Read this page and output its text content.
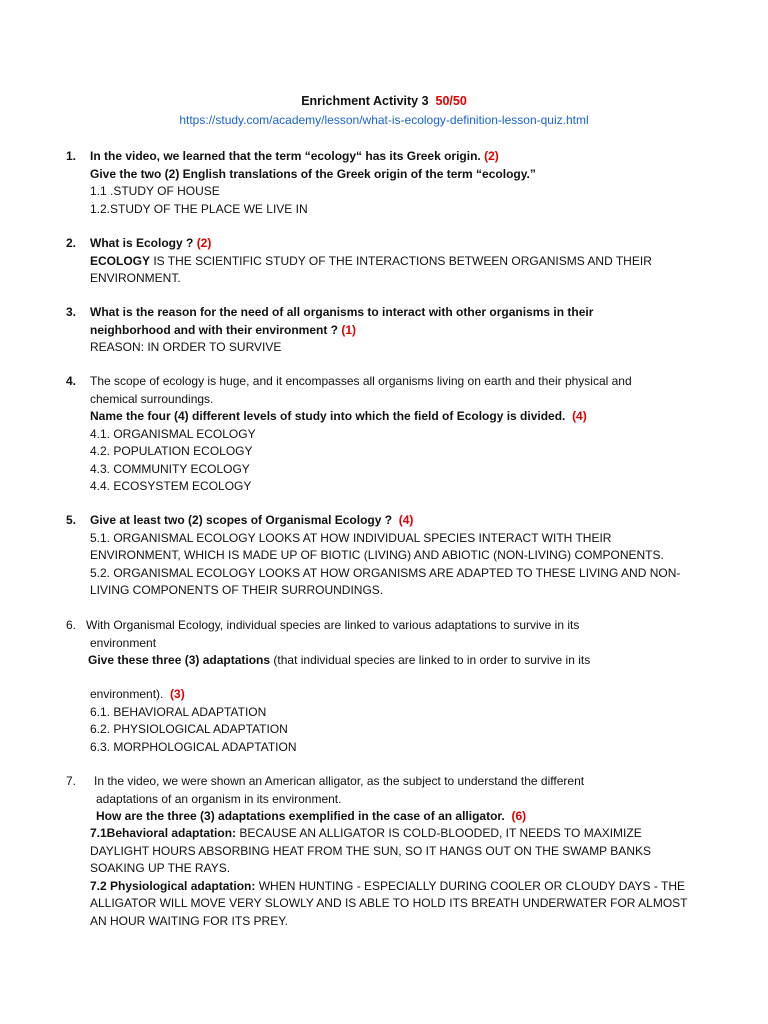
Enrichment Activity 3 50/50
https://study.com/academy/lesson/what-is-ecology-definition-lesson-quiz.html
1. In the video, we learned that the term “ecology“ has its Greek origin. (2)
Give the two (2) English translations of the Greek origin of the term “ecology.”
1.1 .STUDY OF HOUSE
1.2.STUDY OF THE PLACE WE LIVE IN
2. What is Ecology ? (2)
ECOLOGY IS THE SCIENTIFIC STUDY OF THE INTERACTIONS BETWEEN ORGANISMS AND THEIR
ENVIRONMENT.
3. What is the reason for the need of all organisms to interact with other organisms in their
neighborhood and with their environment ? (1)
REASON: IN ORDER TO SURVIVE
4. The scope of ecology is huge, and it encompasses all organisms living on earth and their physical and
chemical surroundings.
Name the four (4) different levels of study into which the field of Ecology is divided. (4)
4.1. ORGANISMAL ECOLOGY
4.2. POPULATION ECOLOGY
4.3. COMMUNITY ECOLOGY
4.4. ECOSYSTEM ECOLOGY
5. Give at least two (2) scopes of Organismal Ecology ? (4)
5.1. ORGANISMAL ECOLOGY LOOKS AT HOW INDIVIDUAL SPECIES INTERACT WITH THEIR
ENVIRONMENT, WHICH IS MADE UP OF BIOTIC (LIVING) AND ABIOTIC (NON-LIVING) COMPONENTS.
5.2. ORGANISMAL ECOLOGY LOOKS AT HOW ORGANISMS ARE ADAPTED TO THESE LIVING AND NON-
LIVING COMPONENTS OF THEIR SURROUNDINGS.
6. With Organismal Ecology, individual species are linked to various adaptations to survive in its
environment
Give these three (3) adaptations (that individual species are linked to in order to survive in its
environment). (3)
6.1. BEHAVIORAL ADAPTATION
6.2. PHYSIOLOGICAL ADAPTATION
6.3. MORPHOLOGICAL ADAPTATION
7. In the video, we were shown an American alligator, as the subject to understand the different
adaptations of an organism in its environment.
How are the three (3) adaptations exemplified in the case of an alligator. (6)
7.1Behavioral adaptation: BECAUSE AN ALLIGATOR IS COLD-BLOODED, IT NEEDS TO MAXIMIZE
DAYLIGHT HOURS ABSORBING HEAT FROM THE SUN, SO IT HANGS OUT ON THE SWAMP BANKS
SOAKING UP THE RAYS.
7.2 Physiological adaptation: WHEN HUNTING - ESPECIALLY DURING COOLER OR CLOUDY DAYS - THE
ALLIGATOR WILL MOVE VERY SLOWLY AND IS ABLE TO HOLD ITS BREATH UNDERWATER FOR ALMOST
AN HOUR WAITING FOR ITS PREY.
